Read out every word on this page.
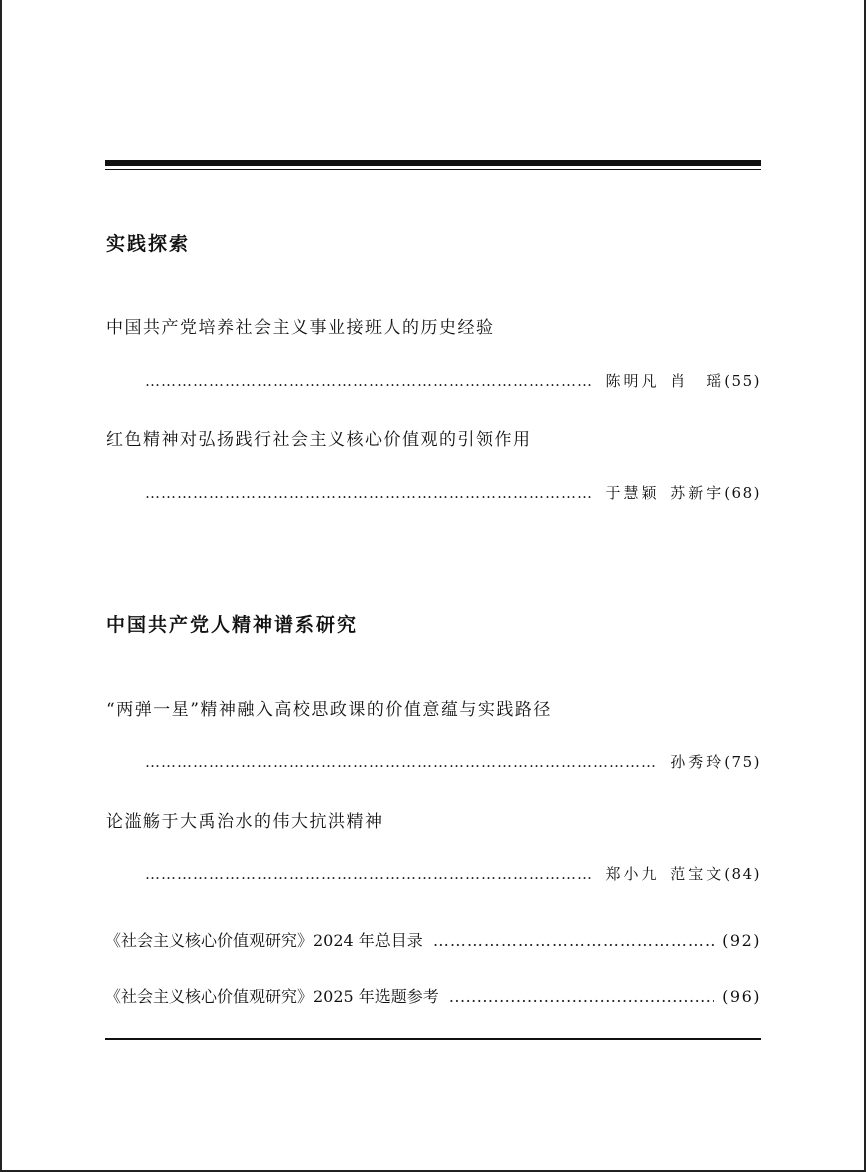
实践探索
中国共产党培养社会主义事业接班人的历史经验
…………………………………………………………………………………………………………………………………………………………
陈明凡 肖　瑶 (55)
红色精神对弘扬践行社会主义核心价值观的引领作用
…………………………………………………………………………………………………………………………………………………………
于慧颖 苏新宇 (68)
中国共产党人精神谱系研究
“两弹一星”精神融入高校思政课的价值意蕴与实践路径
…………………………………………………………………………………………………………………………………………………………
孙秀玲 (75)
论滥觞于大禹治水的伟大抗洪精神
…………………………………………………………………………………………………………………………………………………………
郑小九 范宝文 (84)
《社会主义核心价值观研究》2024 年总目录 …………………………………………………………………………………………………………………………………………………………	(92)
《社会主义核心价值观研究》2025 年选题参考 .....	(96)
